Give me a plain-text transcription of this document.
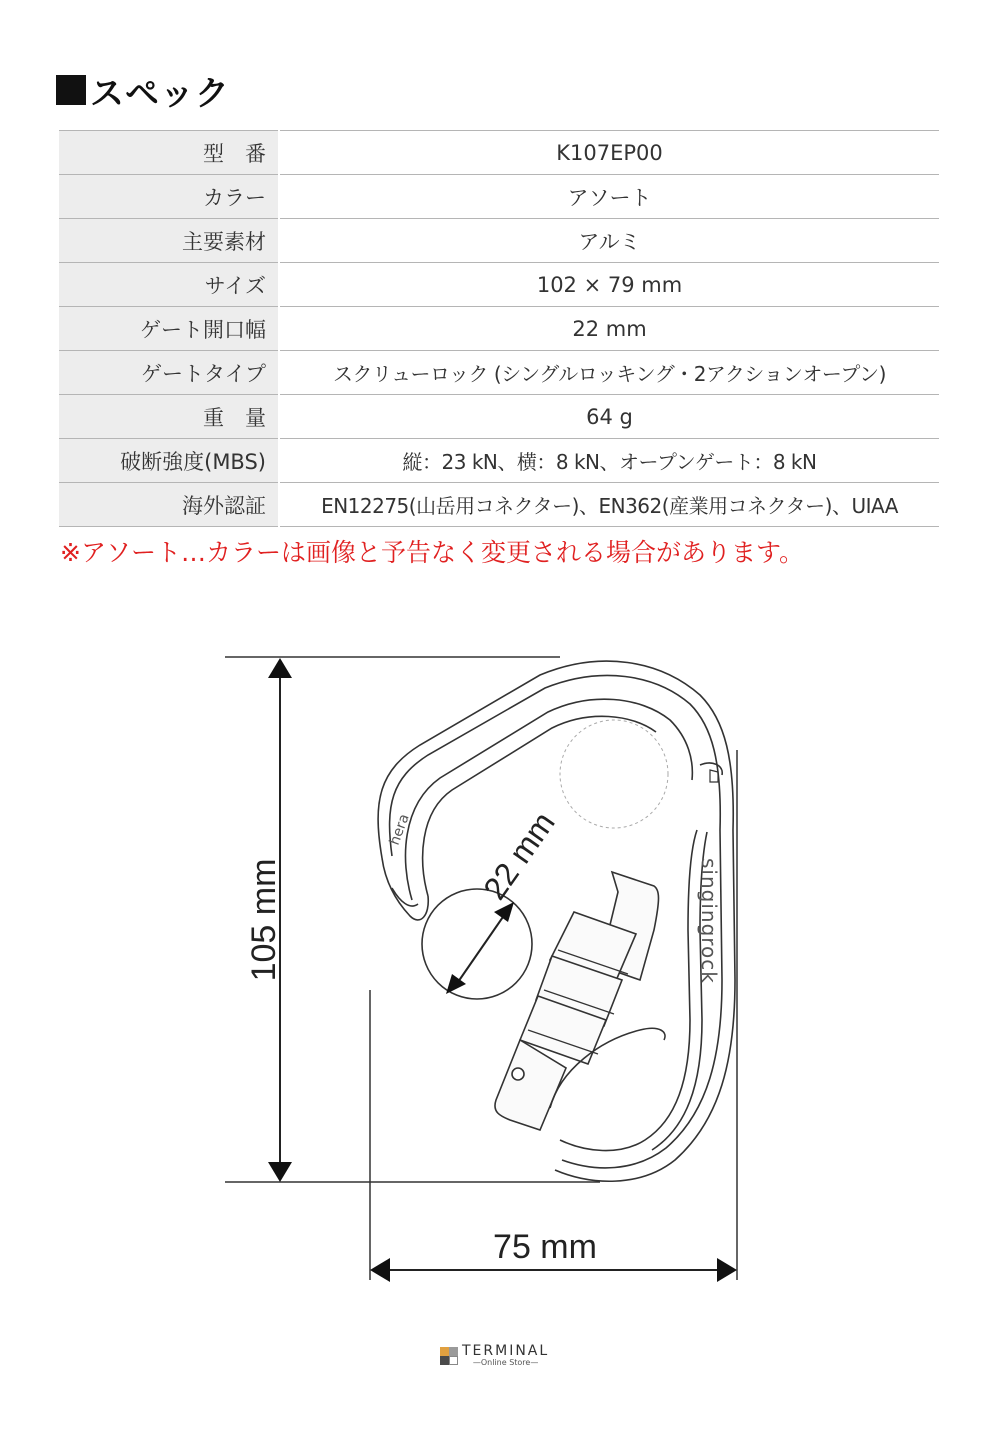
スペック
型　番		K107EP00
カラー		アソート
主要素材		アルミ
サイズ		102 × 79 mm
ゲート開口幅		22 mm
ゲートタイプ		スクリューロック (シングルロッキング・2アクションオープン)
重　量		64 g
破断強度(MBS)		縦：23 kN、横：8 kN、オープンゲート：8 kN
海外認証		EN12275(山岳用コネクター)、EN362(産業用コネクター)、UIAA
※アソート…カラーは画像と予告なく変更される場合があります。
105 mm
75 mm
singingrock
hera 22 mm
TERMINAL
—Online Store—
